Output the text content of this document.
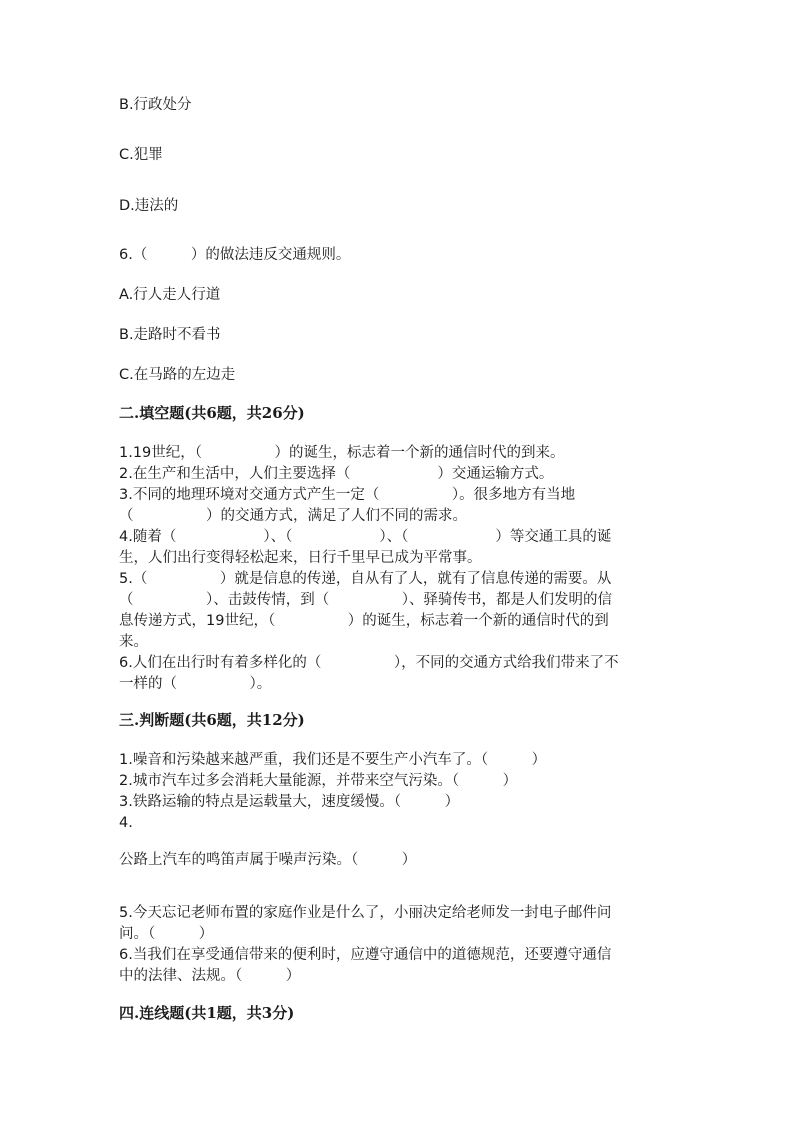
B.行政处分

C.犯罪

D.违法的

6.（　　　）的做法违反交通规则。

A.行人走人行道

B.走路时不看书

C.在马路的左边走

二.填空题(共6题，共26分)

1.19世纪，（　　　　　）的诞生，标志着一个新的通信时代的到来。

2.在生产和生活中，人们主要选择（　　　　　　）交通运输方式。

3.不同的地理环境对交通方式产生一定（　　　　　）。很多地方有当地

（　　　　　）的交通方式，满足了人们不同的需求。

4.随着（　　　　　　）、（　　　　　　）、（　　　　　　）等交通工具的诞

生，人们出行变得轻松起来，日行千里早已成为平常事。

5.（　　　　　）就是信息的传递，自从有了人，就有了信息传递的需要。从

（　　　　　）、击鼓传情，到（　　　　　）、驿骑传书，都是人们发明的信

息传递方式，19世纪，（　　　　　）的诞生，标志着一个新的通信时代的到

来。

6.人们在出行时有着多样化的（　　　　　），不同的交通方式给我们带来了不

一样的（　　　　　）。

三.判断题(共6题，共12分)

1.噪音和污染越来越严重，我们还是不要生产小汽车了。（　　　）

2.城市汽车过多会消耗大量能源，并带来空气污染。（　　　）

3.铁路运输的特点是运载量大，速度缓慢。（　　　）

4.

公路上汽车的鸣笛声属于噪声污染。（　　　）

5.今天忘记老师布置的家庭作业是什么了，小丽决定给老师发一封电子邮件问

问。（　　　）

6.当我们在享受通信带来的便利时，应遵守通信中的道德规范，还要遵守通信

中的法律、法规。（　　　）

四.连线题(共1题，共3分)
